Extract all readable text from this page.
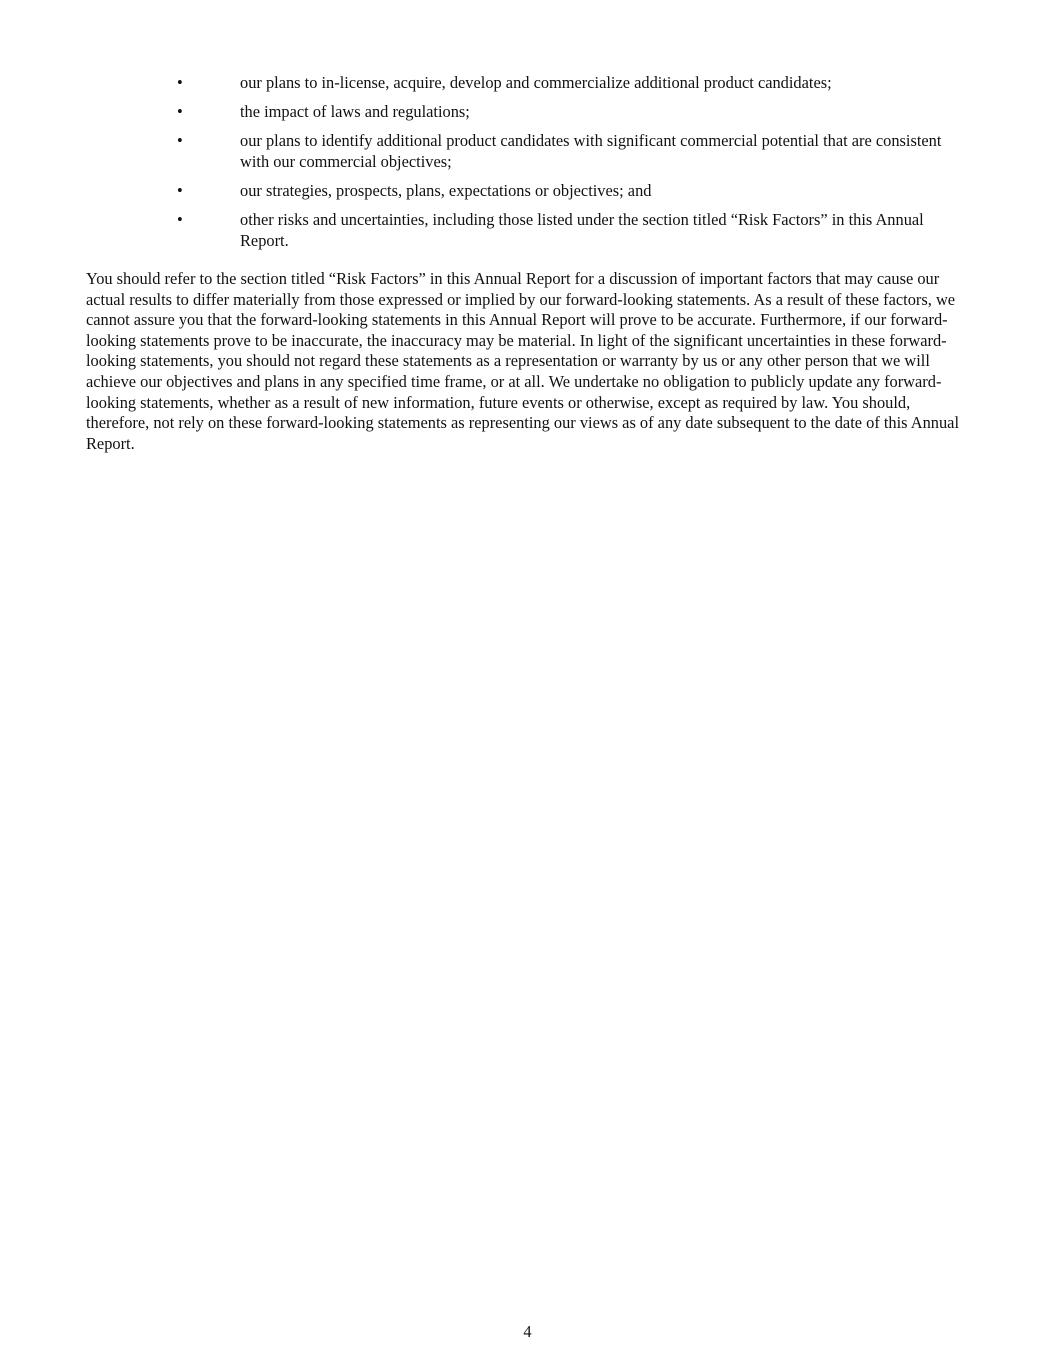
•	our plans to in-license, acquire, develop and commercialize additional product candidates;
•	the impact of laws and regulations;
•	our plans to identify additional product candidates with significant commercial potential that are consistent with our commercial objectives;
•	our strategies, prospects, plans, expectations or objectives; and
•	other risks and uncertainties, including those listed under the section titled “Risk Factors” in this Annual Report.

You should refer to the section titled “Risk Factors” in this Annual Report for a discussion of important factors that may cause our actual results to differ materially from those expressed or implied by our forward-looking statements. As a result of these factors, we cannot assure you that the forward-looking statements in this Annual Report will prove to be accurate. Furthermore, if our forward-looking statements prove to be inaccurate, the inaccuracy may be material. In light of the significant uncertainties in these forward-looking statements, you should not regard these statements as a representation or warranty by us or any other person that we will achieve our objectives and plans in any specified time frame, or at all. We undertake no obligation to publicly update any forward-looking statements, whether as a result of new information, future events or otherwise, except as required by law. You should, therefore, not rely on these forward-looking statements as representing our views as of any date subsequent to the date of this Annual Report.

4
